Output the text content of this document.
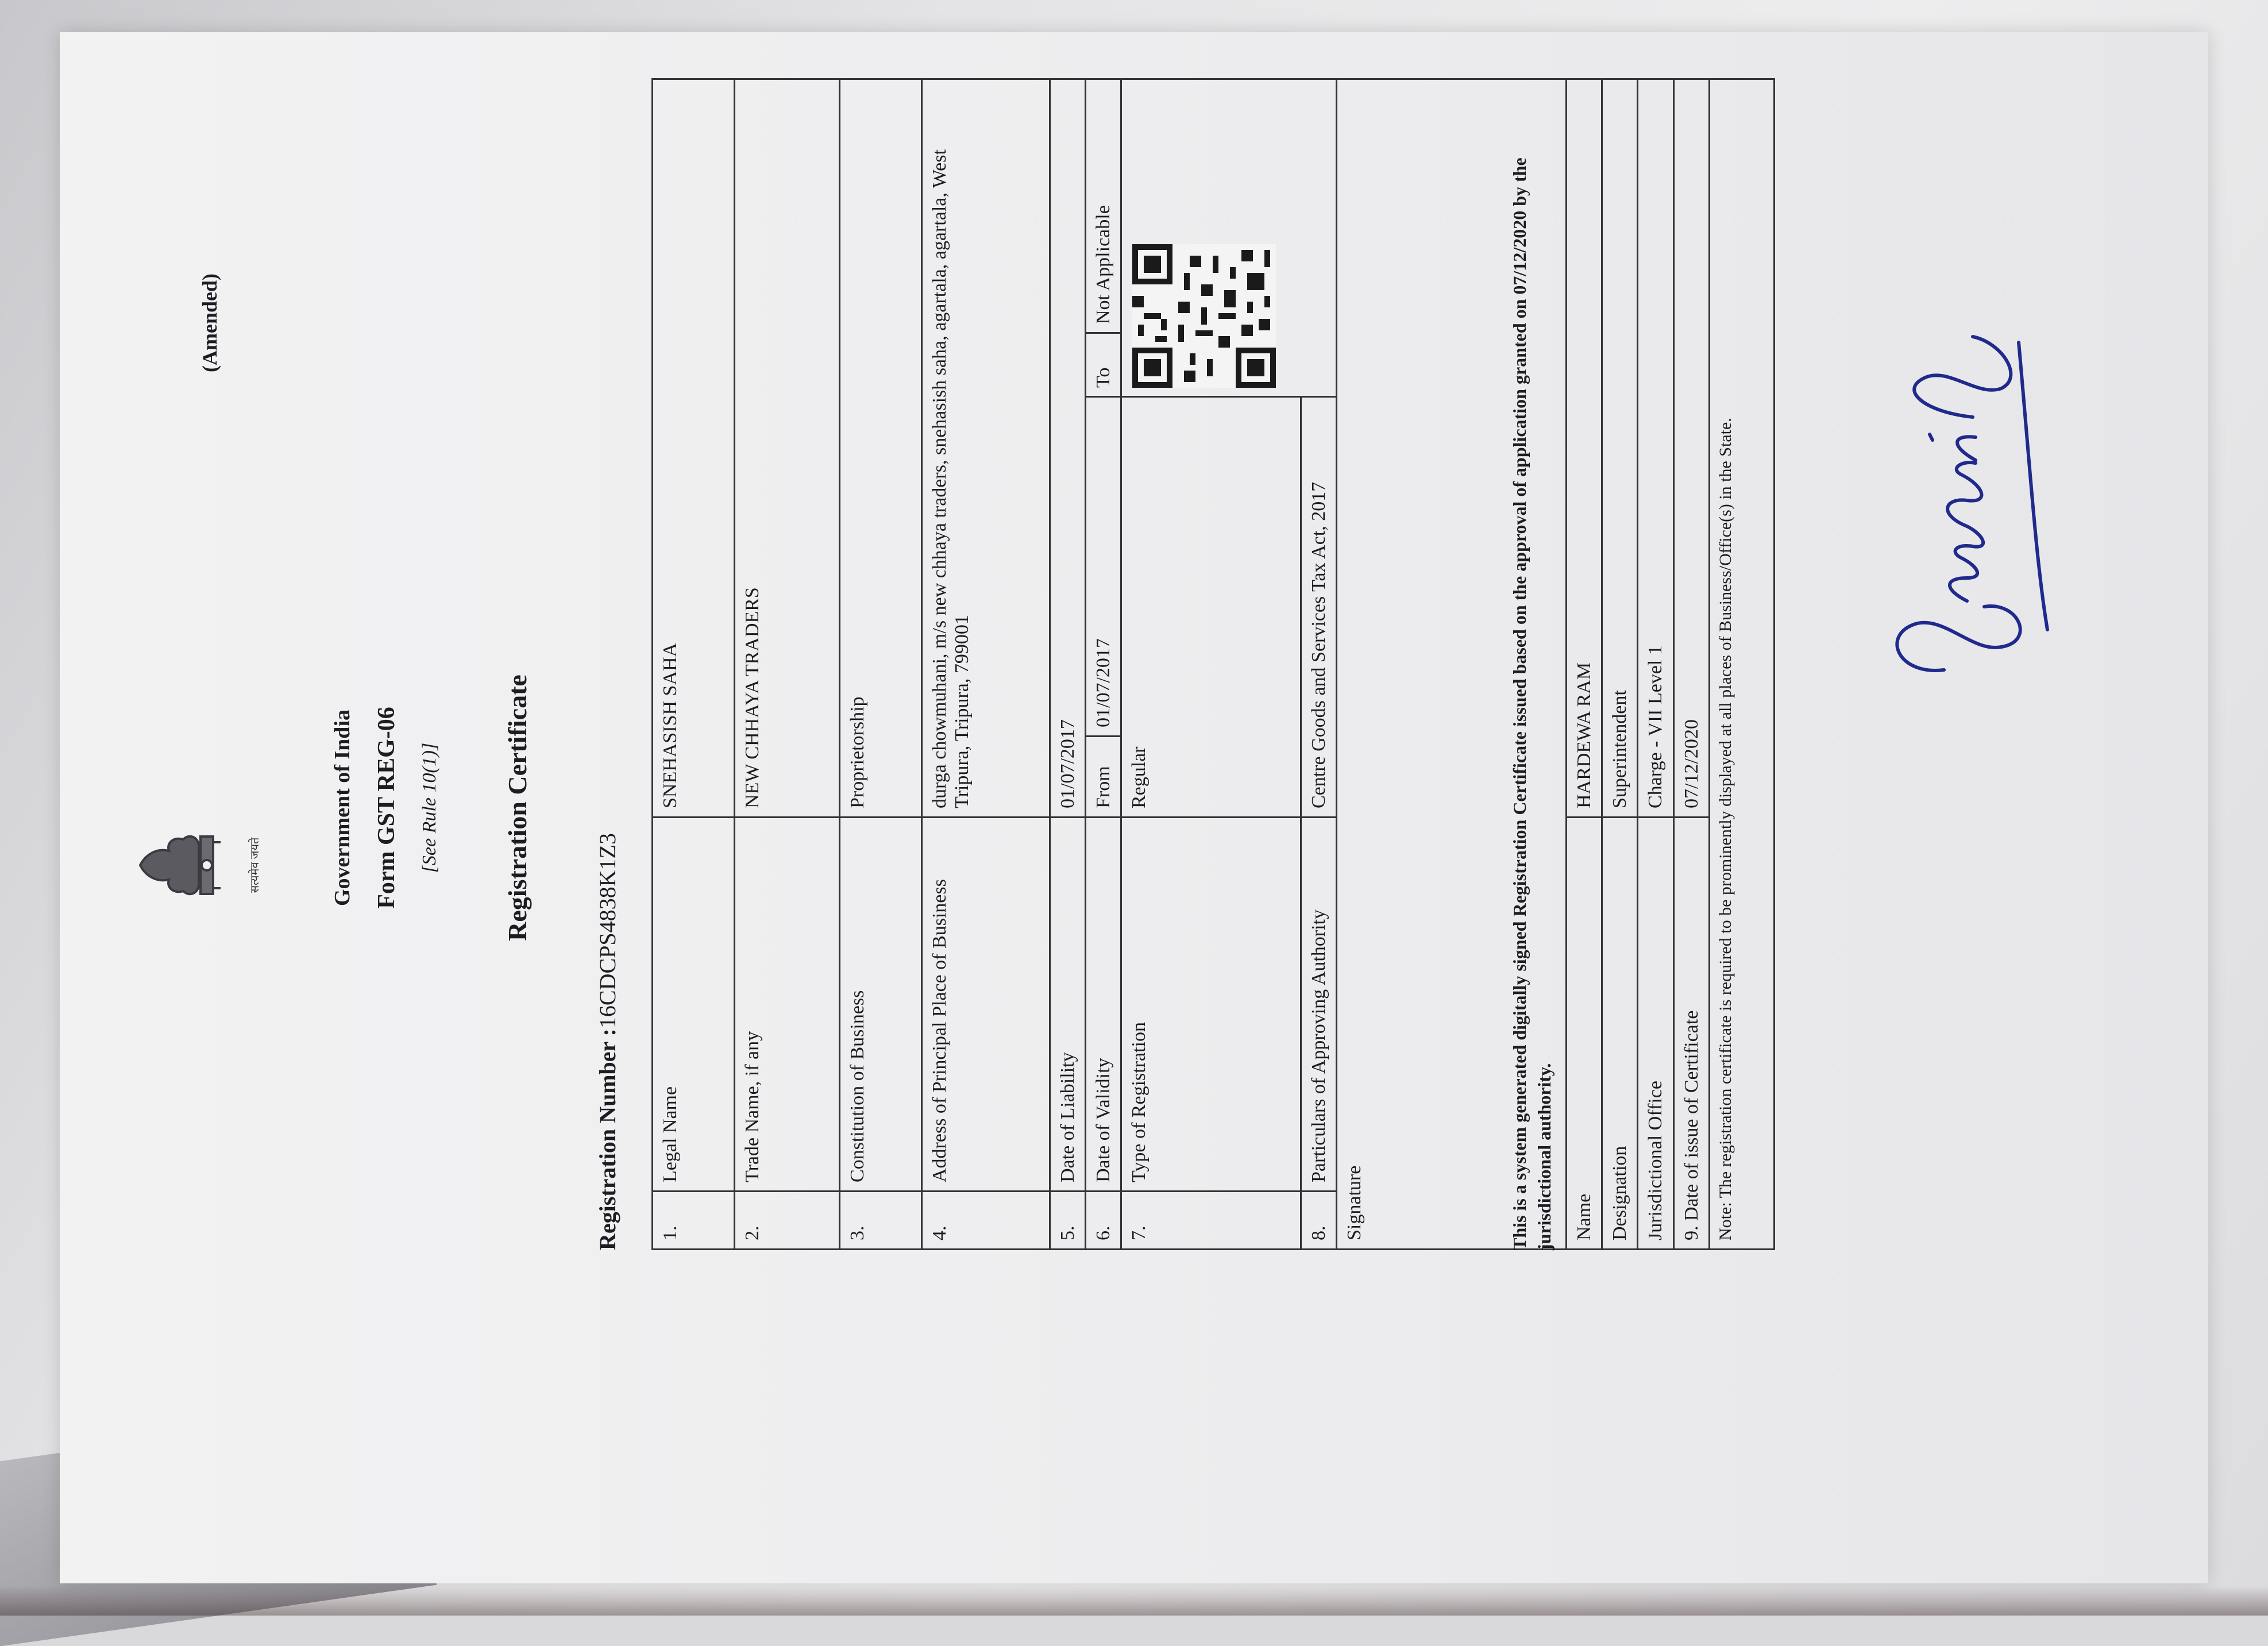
(Amended)
सत्यमेव जयते	Government of India Form GST REG-06 [See Rule 10(1)] Registration Certificate
Registration Number :16CDCPS4838K1Z3
1.	Legal Name	SNEHASISH SAHA			
2.	Trade Name, if any	NEW CHHAYA TRADERS			
3.	Constitution of Business	Proprietorship			
4.	Address of Principal Place of Business	durga chowmuhani, m/s new chhaya traders, snehasish saha, agartala, agartala, West Tripura, Tripura, 799001			
5.	Date of Liability	01/07/2017			
6.	Date of Validity	From	01/07/2017	To	Not Applicable
7.	Type of Registration	Regular	

8.	Particulars of Approving Authority	Centre Goods and Services Tax Act, 2017			
Signature					
Name		HARDEWA RAM			
Designation		Superintendent			
Jurisdictional Office		Charge - VII Level 1			
9. Date of issue of Certificate		07/12/2020			
Note: The registration certificate is required to be prominently displayed at all places of Business/Office(s) in the State.					
This is a system generated digitally signed Registration Certificate issued based on the approval of application granted on 07/12/2020 by the jurisdictional authority.
